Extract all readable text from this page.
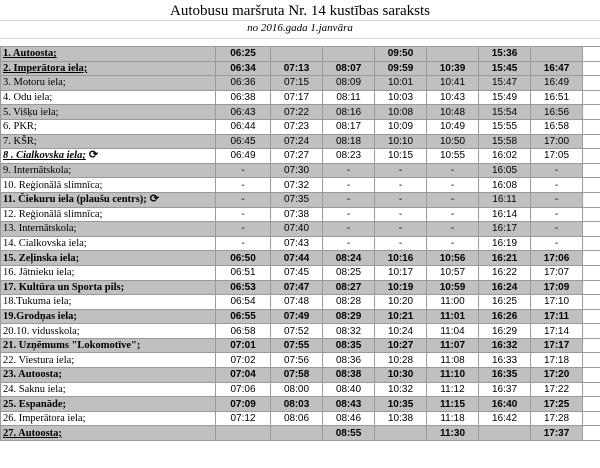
Autobusu maršruta Nr. 14 kustības saraksts
no 2016.gada 1.janvāra
1. Autoosta;	06:25			09:50		15:36		
2. Imperātora iela;	06:34	07:13	08:07	09:59	10:39	15:45	16:47	
3. Motoru iela;	06:36	07:15	08:09	10:01	10:41	15:47	16:49	
4. Odu iela;	06:38	07:17	08:11	10:03	10:43	15:49	16:51	
5. Višķu iela;	06:43	07:22	08:16	10:08	10:48	15:54	16:56	
6. PKR;	06:44	07:23	08:17	10:09	10:49	15:55	16:58	
7. KŠR;	06:45	07:24	08:18	10:10	10:50	15:58	17:00	
8 . Cialkovska iela; ⟳	06:49	07:27	08:23	10:15	10:55	16:02	17:05	
9. Internātskola;	-	07:30	-	-	-	16:05	-	
10. Reģionālā slimnīca;	-	07:32	-	-	-	16:08	-	
11. Čiekuru iela (plaušu centrs); ⟳	-	07:35	-	-	-	16:11	-	
12. Reģionālā slimnīca;	-	07:38	-	-	-	16:14	-	
13. Internātskola;	-	07:40	-	-	-	16:17	-	
14. Cialkovska iela;	-	07:43	-	-	-	16:19	-	
15. Zeļinska iela;	06:50	07:44	08:24	10:16	10:56	16:21	17:06	
16. Jātnieku iela;	06:51	07:45	08:25	10:17	10:57	16:22	17:07	
17. Kultūra un Sporta pils;	06:53	07:47	08:27	10:19	10:59	16:24	17:09	
18.Tukuma iela;	06:54	07:48	08:28	10:20	11:00	16:25	17:10	
19.Grodņas iela;	06:55	07:49	08:29	10:21	11:01	16:26	17:11	
20.10. vidusskola;	06:58	07:52	08:32	10:24	11:04	16:29	17:14	
21. Uzņēmums "Lokomotīve";	07:01	07:55	08:35	10:27	11:07	16:32	17:17	
22. Viestura iela;	07:02	07:56	08:36	10:28	11:08	16:33	17:18	
23. Autoosta;	07:04	07:58	08:38	10:30	11:10	16:35	17:20	
24. Saknu iela;	07:06	08:00	08:40	10:32	11:12	16:37	17:22	
25. Espanāde;	07:09	08:03	08:43	10:35	11:15	16:40	17:25	
26. Imperātora iela;	07:12	08:06	08:46	10:38	11:18	16:42	17:28	
27. Autoosta;			08:55		11:30		17:37	
